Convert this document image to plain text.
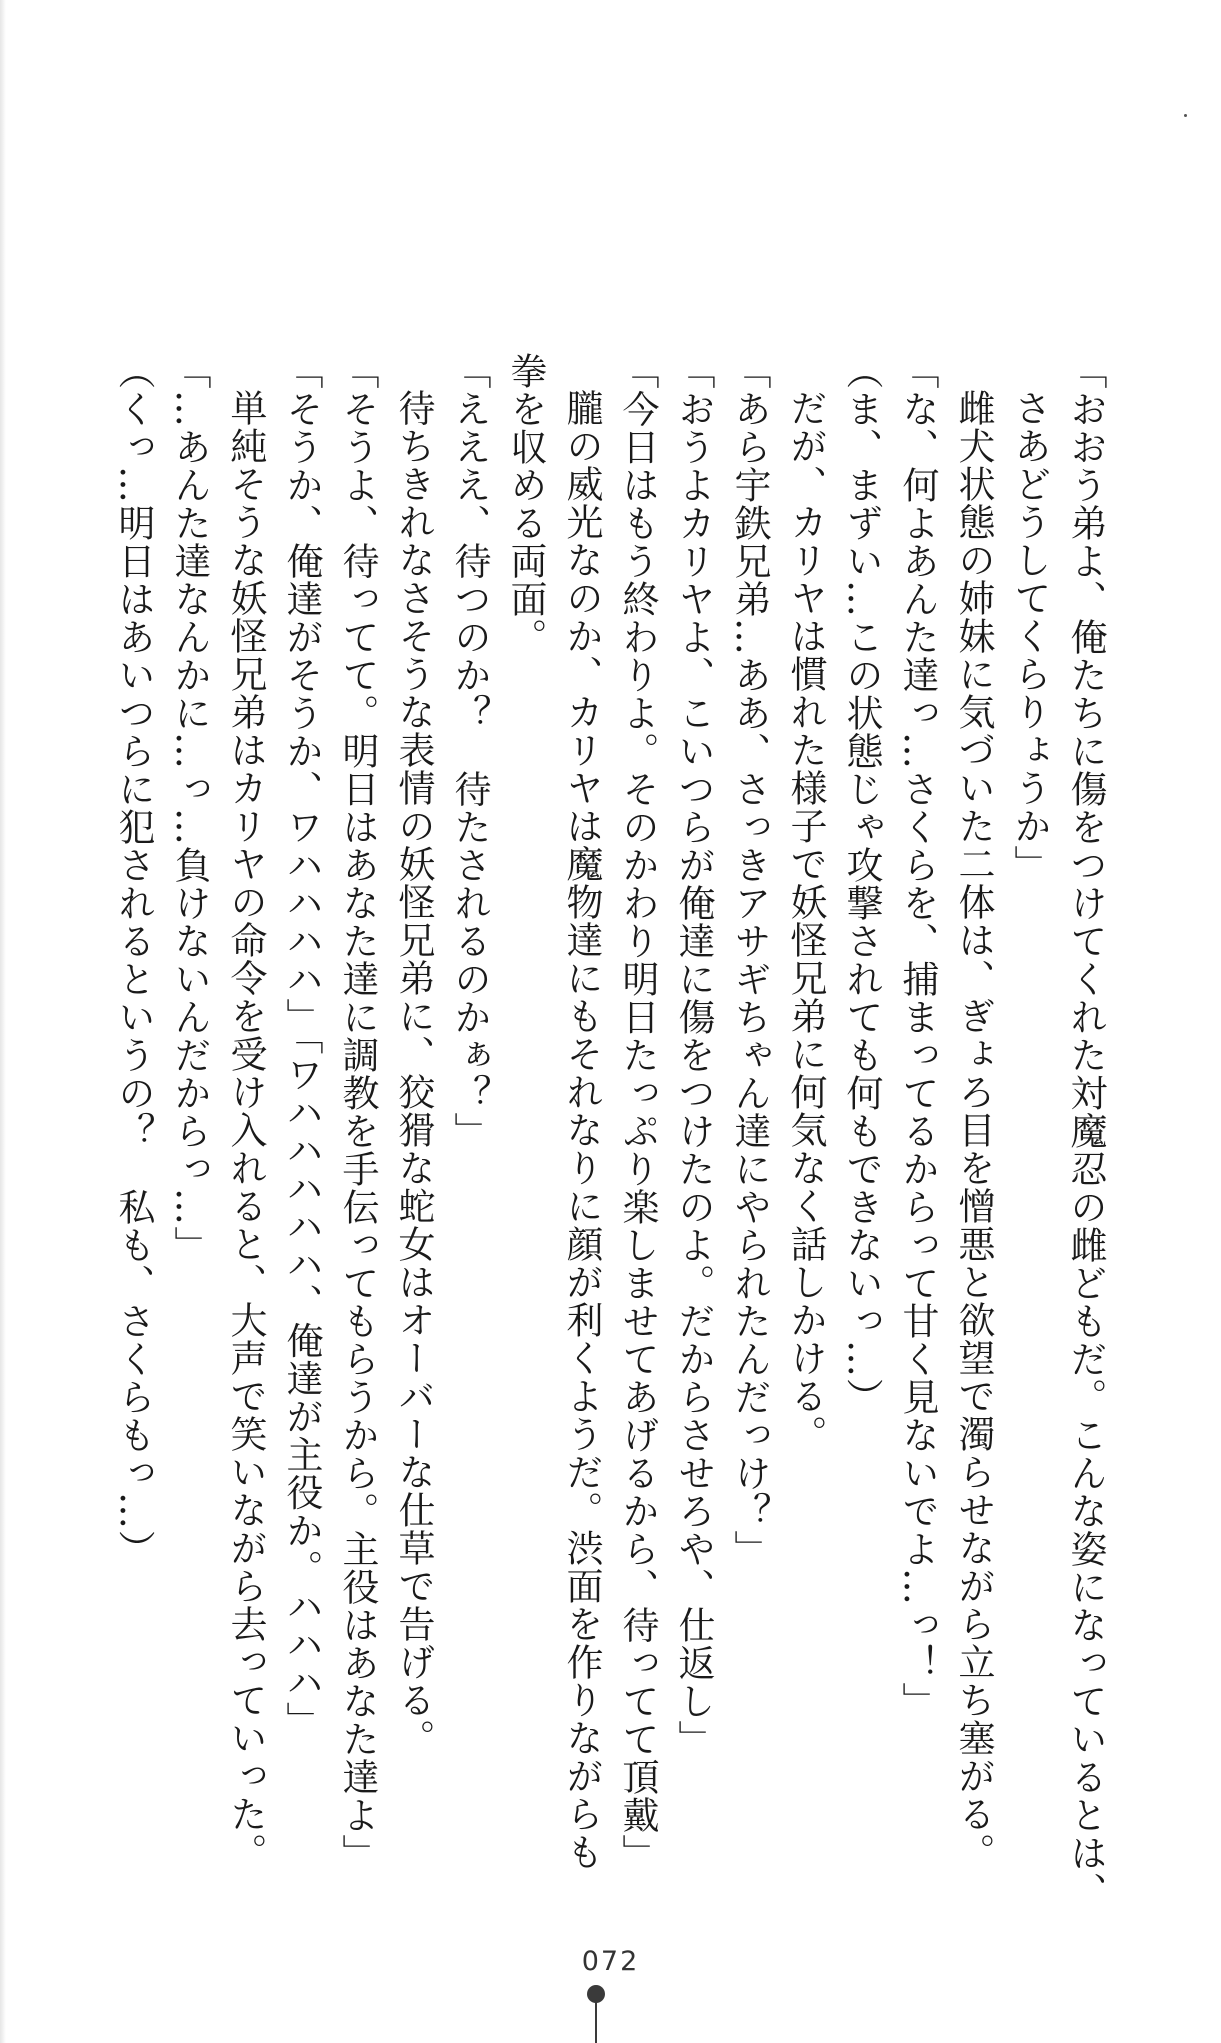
「おおう弟よ、俺たちに傷をつけてくれた対魔忍の雌どもだ。こんな姿になっているとは、
さあどうしてくらりょうか」
雌犬状態の姉妹に気づいた二体は、ぎょろ目を憎悪と欲望で濁らせながら立ち塞がる。
「な、何よあんた達っ…さくらを、捕まってるからって甘く見ないでよ…っ！」
（ま、まずい…この状態じゃ攻撃されても何もできないっ…）
だが、カリヤは慣れた様子で妖怪兄弟に何気なく話しかける。
「あら宇鉄兄弟…ああ、さっきアサギちゃん達にやられたんだっけ？」
「おうよカリヤよ、こいつらが俺達に傷をつけたのよ。だからさせろや、仕返し」
「今日はもう終わりよ。そのかわり明日たっぷり楽しませてあげるから、待ってて頂戴」
朧の威光なのか、カリヤは魔物達にもそれなりに顔が利くようだ。渋面を作りながらも
拳を収める両面。
「えええ、待つのか？　待たされるのかぁ？」
待ちきれなさそうな表情の妖怪兄弟に、狡猾な蛇女はオーバーな仕草で告げる。
「そうよ、待ってて。明日はあなた達に調教を手伝ってもらうから。主役はあなた達よ」
「そうか、俺達がそうか、ワハハハハ」「ワハハハハハ、俺達が主役か。ハハハ」
単純そうな妖怪兄弟はカリヤの命令を受け入れると、大声で笑いながら去っていった。
「…あんた達なんかに…っ…負けないんだからっ…」
（くっ…明日はあいつらに犯されるというの？　私も、さくらもっ…）
072
